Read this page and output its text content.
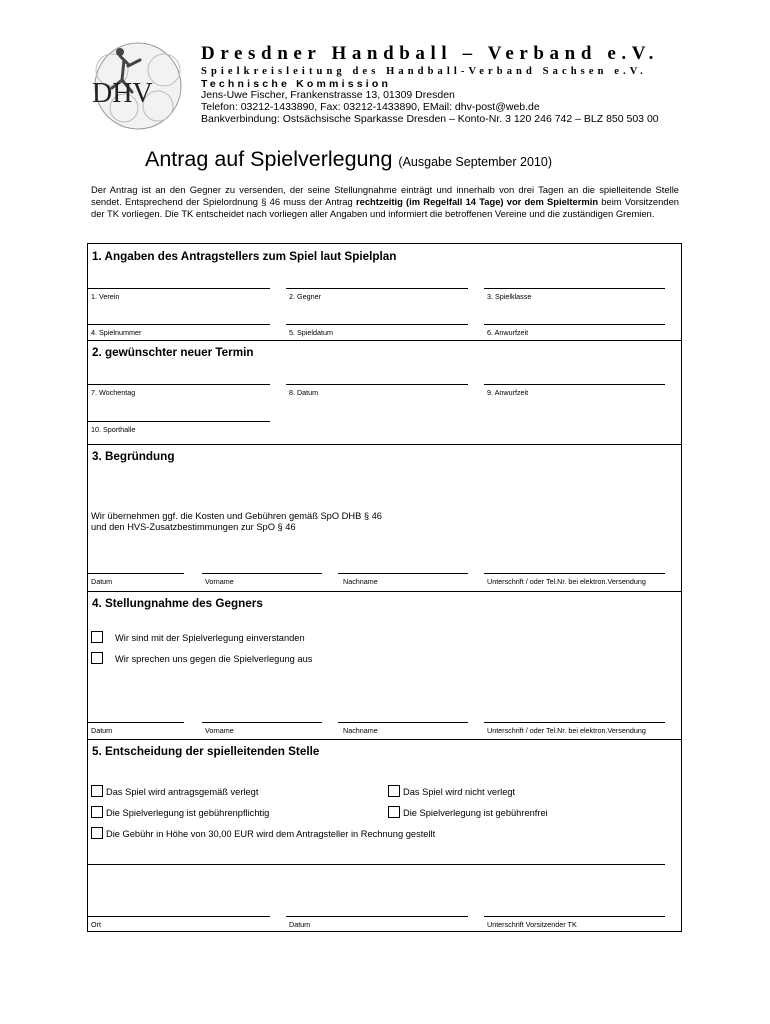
DHV
Dresdner Handball – Verband e.V.
Spielkreisleitung des Handball-Verband Sachsen e.V.
Technische Kommission
Jens-Uwe Fischer, Frankenstrasse 13, 01309 Dresden
Telefon: 03212-1433890, Fax: 03212-1433890, EMail: dhv-post@web.de
Bankverbindung: Ostsächsische Sparkasse Dresden – Konto-Nr. 3 120 246 742 – BLZ 850 503 00
Antrag auf Spielverlegung (Ausgabe September 2010)
Der Antrag ist an den Gegner zu versenden, der seine Stellungnahme einträgt und innerhalb von drei Tagen an die spielleitende Stelle sendet. Entsprechend der Spielordnung § 46 muss der Antrag rechtzeitig (im Regelfall 14 Tage) vor dem Spieltermin beim Vorsitzenden der TK vorliegen. Die TK entscheidet nach vorliegen aller Angaben und informiert die betroffenen Vereine und die zuständigen Gremien.
1. Angaben des Antragstellers zum Spiel laut Spielplan
1. Verein	2. Gegner	3. Spielklasse
4. Spielnummer	5. Spieldatum	6. Anwurfzeit
2. gewünschter neuer Termin
7. Wochentag	8. Datum	9. Anwurfzeit
10. Sporthalle
3. Begründung
Wir übernehmen ggf. die Kosten und Gebühren gemäß SpO DHB § 46
und den HVS-Zusatzbestimmungen zur SpO § 46
Datum	Vorname	Nachname	Unterschrift / oder Tel.Nr. bei elektron.Versendung
4. Stellungnahme des Gegners
Wir sind mit der Spielverlegung einverstanden
Wir sprechen uns gegen die Spielverlegung aus
Datum	Vorname	Nachname	Unterschrift / oder Tel.Nr. bei elektron.Versendung
5. Entscheidung der spielleitenden Stelle
Das Spiel wird antragsgemäß verlegt	Das Spiel wird nicht verlegt
Die Spielverlegung ist gebührenpflichtig	Die Spielverlegung ist gebührenfrei
Die Gebühr in Höhe von 30,00 EUR wird dem Antragsteller in Rechnung gestellt
Ort	Datum	Unterschrift Vorsitzender TK
